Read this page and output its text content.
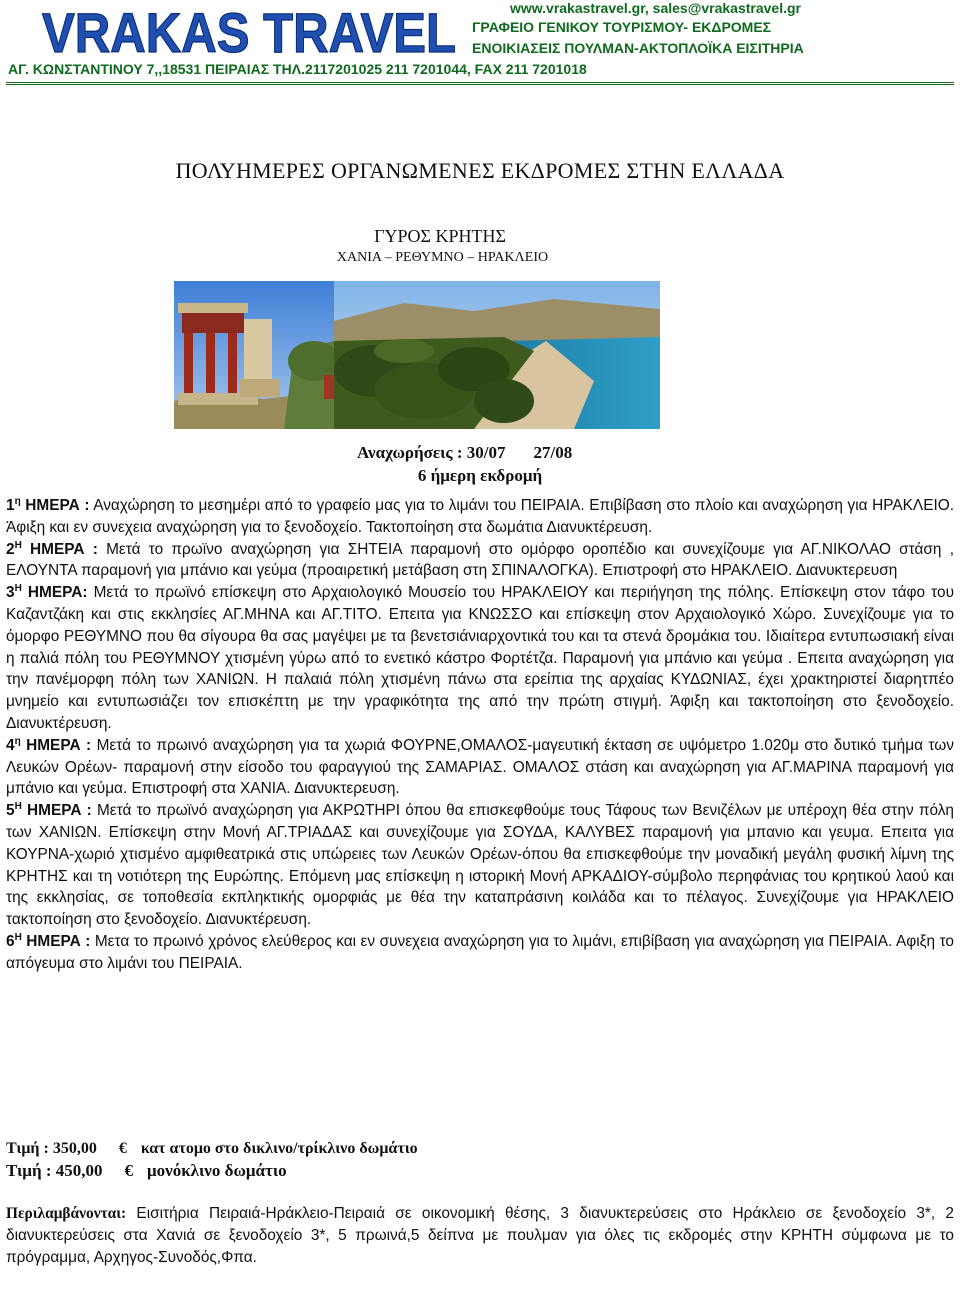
VRAKAS TRAVEL	www.vrakastravel.gr, sales@vrakastravel.gr
ΓΡΑΦΕΙΟ ΓΕΝΙΚΟΥ ΤΟΥΡΙΣΜΟΥ- ΕΚΔΡΟΜΕΣ
ΕΝΟΙΚΙΑΣΕΙΣ ΠΟΥΛΜΑΝ-ΑΚΤΟΠΛΟΪΚΑ ΕΙΣΙΤΗΡΙΑ
ΑΓ. ΚΩΝΣΤΑΝΤΙΝΟΥ 7,,18531 ΠΕΙΡΑΙΑΣ ΤΗΛ.2117201025 211 7201044, FAX 211 7201018
ΠΟΛΥΗΜΕΡΕΣ ΟΡΓΑΝΩΜΕΝΕΣ ΕΚΔΡΟΜΕΣ ΣΤΗΝ ΕΛΛΑΔΑ
ΓΥΡΟΣ ΚΡΗΤΗΣ
ΧΑΝΙΑ – ΡΕΘΥΜΝΟ – ΗΡΑΚΛΕΙΟ
Αναχωρήσεις : 30/07 27/08
6 ήμερη εκδρομή

$1^\eta$ ΗΜΕΡΑ : Αναχώρηση το μεσημέρι από το γραφείο μας για το λιμάνι του ΠΕΙΡΑΙΑ. Επιβίβαση στο πλοίο και αναχώρηση για ΗΡΑΚΛΕΙΟ. Άφιξη και εν συνεχεια αναχώρηση για το ξενοδοχείο. Τακτοποίηση στα δωμάτια Διανυκτέρευση.

$2^H$ ΗΜΕΡΑ : Μετά το πρωϊνο αναχώρηση για ΣΗΤΕΙΑ παραμονή στο ομόρφο οροπέδιο και συνεχίζουμε για ΑΓ.ΝΙΚΟΛΑΟ στάση , ΕΛΟΥΝΤΑ παραμονή για μπάνιο και γεύμα (προαιρετική μετάβαση στη ΣΠΙΝΑΛΟΓΚΑ). Επιστροφή στο ΗΡΑΚΛΕΙΟ. Διανυκτερευση

$3^H$ ΗΜΕΡΑ: Μετά το πρωϊνό επίσκεψη στο Αρχαιολογικό Μουσείο του ΗΡΑΚΛΕΙΟΥ και περιήγηση της πόλης. Επίσκεψη στον τάφο του Καζαντζάκη και στις εκκλησίες ΑΓ.ΜΗΝΑ και ΑΓ.ΤΙΤΟ. Επειτα για ΚΝΩΣΣΟ και επίσκεψη στον Αρχαιολογικό Χώρο. Συνεχίζουμε για το όμορφο ΡΕΘΥΜΝΟ που θα σίγουρα θα σας μαγέψει με τα βενετσιάνιαρχοντικά του και τα στενά δρομάκια του. Ιδιαίτερα εντυπωσιακή είναι η παλιά πόλη του ΡΕΘΥΜΝΟΥ χτισμένη γύρω από το ενετικό κάστρο Φορτέτζα. Παραμονή για μπάνιο και γεύμα . Επειτα αναχώρηση για την πανέμορφη πόλη των ΧΑΝΙΩΝ. Η παλαιά πόλη χτισμένη πάνω στα ερείπια της αρχαίας ΚΥΔΩΝΙΑΣ, έχει χρακτηριστεί διαρητπέο μνημείο και εντυπωσιάζει τον επισκέπτη με την γραφικότητα της από την πρώτη στιγμή. Άφιξη και τακτοποίηση στο ξενοδοχείο. Διανυκτέρευση.

$4^\eta$ ΗΜΕΡΑ : Μετά το πρωινό αναχώρηση για τα χωριά ΦΟΥΡΝΕ,ΟΜΑΛΟΣ-μαγευτική έκταση σε υψόμετρο 1.020μ στο δυτικό τμήμα των Λευκών Ορέων- παραμονή στην είσοδο του φαραγγιού της ΣΑΜΑΡΙΑΣ. ΟΜΑΛΟΣ στάση και αναχώρηση για ΑΓ.ΜΑΡΙΝΑ παραμονή για μπάνιο και γεύμα. Επιστροφή στα ΧΑΝΙΑ. Διανυκτερευση.

$5^H$ ΗΜΕΡΑ : Μετά το πρωϊνό αναχώρηση για ΑΚΡΩΤΗΡΙ όπου θα επισκεφθούμε τους Τάφους των Βενιζέλων με υπέροχη θέα στην πόλη των ΧΑΝΙΩΝ. Επίσκεψη στην Μονή ΑΓ.ΤΡΙΑΔΑΣ και συνεχίζουμε για ΣΟΥΔΑ, ΚΑΛΥΒΕΣ παραμονή για μπανιο και γευμα. Επειτα για ΚΟΥΡΝΑ-χωριό χτισμένο αμφιθεατρικά στις υπώρειες των Λευκών Ορέων-όπου θα επισκεφθούμε την μοναδική μεγάλη φυσική λίμνη της ΚΡΗΤΗΣ και τη νοτιότερη της Ευρώπης. Επόμενη μας επίσκεψη η ιστορική Μονή ΑΡΚΑΔΙΟΥ-σύμβολο περηφάνιας του κρητικού λαού και της εκκλησίας, σε τοποθεσία εκπληκτικής ομορφιάς με θέα την καταπράσινη κοιλάδα και το πέλαγος. Συνεχίζουμε για ΗΡΑΚΛΕΙΟ τακτοποίηση στο ξενοδοχείο. Διανυκτέρευση.

$6^H$ ΗΜΕΡΑ : Μετα το πρωινό χρόνος ελεύθερος και εν συνεχεια αναχώρηση για το λιμάνι, επιβίβαση για αναχώρηση για ΠΕΙΡΑΙΑ. Αφιξη το απόγευμα στο λιμάνι του ΠΕΙΡΑΙΑ.

Τιμή : 350,00 € κατ ατομο στο δικλινο/τρίκλινο δωμάτιο
Τιμή : 450,00 € μονόκλινο δωμάτιο

Περιλαμβάνονται: Εισιτήρια Πειραιά-Ηράκλειο-Πειραιά σε οικονομική θέσης, 3 διανυκτερεύσεις στο Ηράκλειο σε ξενοδοχείο 3*, 2 διανυκτερεύσεις στα Χανιά σε ξενοδοχείο 3*, 5 πρωινά,5 δείπνα με πουλμαν για όλες τις εκδρομές στην ΚΡΗΤΗ σύμφωνα με το πρόγραμμα, Αρχηγος-Συνοδός,Φπα.
